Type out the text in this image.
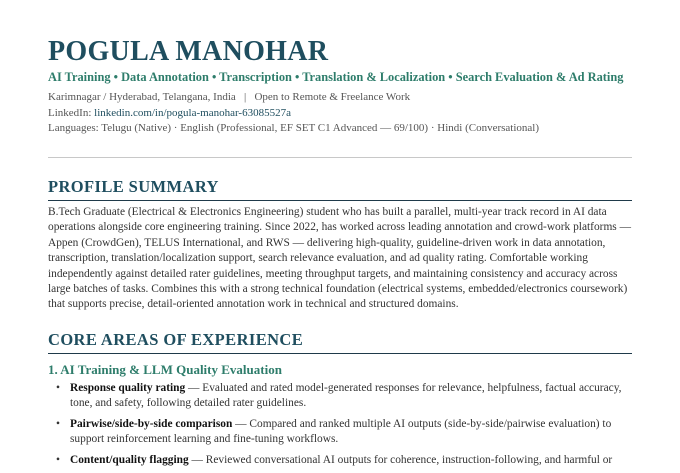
POGULA MANOHAR
AI Training • Data Annotation • Transcription • Translation & Localization • Search Evaluation & Ad Rating
Karimnagar / Hyderabad, Telangana, India | Open to Remote & Freelance Work
LinkedIn: linkedin.com/in/pogula-manohar-63085527a
Languages: Telugu (Native) · English (Professional, EF SET C1 Advanced — 69/100) · Hindi (Conversational)
PROFILE SUMMARY

B.Tech Graduate (Electrical & Electronics Engineering) student who has built a parallel, multi-year track record in AI data operations alongside core engineering training. Since 2022, has worked across leading annotation and crowd-work platforms — Appen (CrowdGen), TELUS International, and RWS — delivering high-quality, guideline-driven work in data annotation, transcription, translation/localization support, search relevance evaluation, and ad quality rating. Comfortable working independently against detailed rater guidelines, meeting throughput targets, and maintaining consistency and accuracy across large batches of tasks. Combines this with a strong technical foundation (electrical systems, embedded/electronics coursework) that supports precise, detail-oriented annotation work in technical and structured domains.

CORE AREAS OF EXPERIENCE
1. AI Training & LLM Quality Evaluation
• Response quality rating — Evaluated and rated model-generated responses for relevance, helpfulness, factual accuracy, tone, and safety, following detailed rater guidelines.
• Pairwise/side-by-side comparison — Compared and ranked multiple AI outputs (side-by-side/pairwise evaluation) to support reinforcement learning and fine-tuning workflows.
• Content/quality flagging — Reviewed conversational AI outputs for coherence, instruction-following, and harmful or
